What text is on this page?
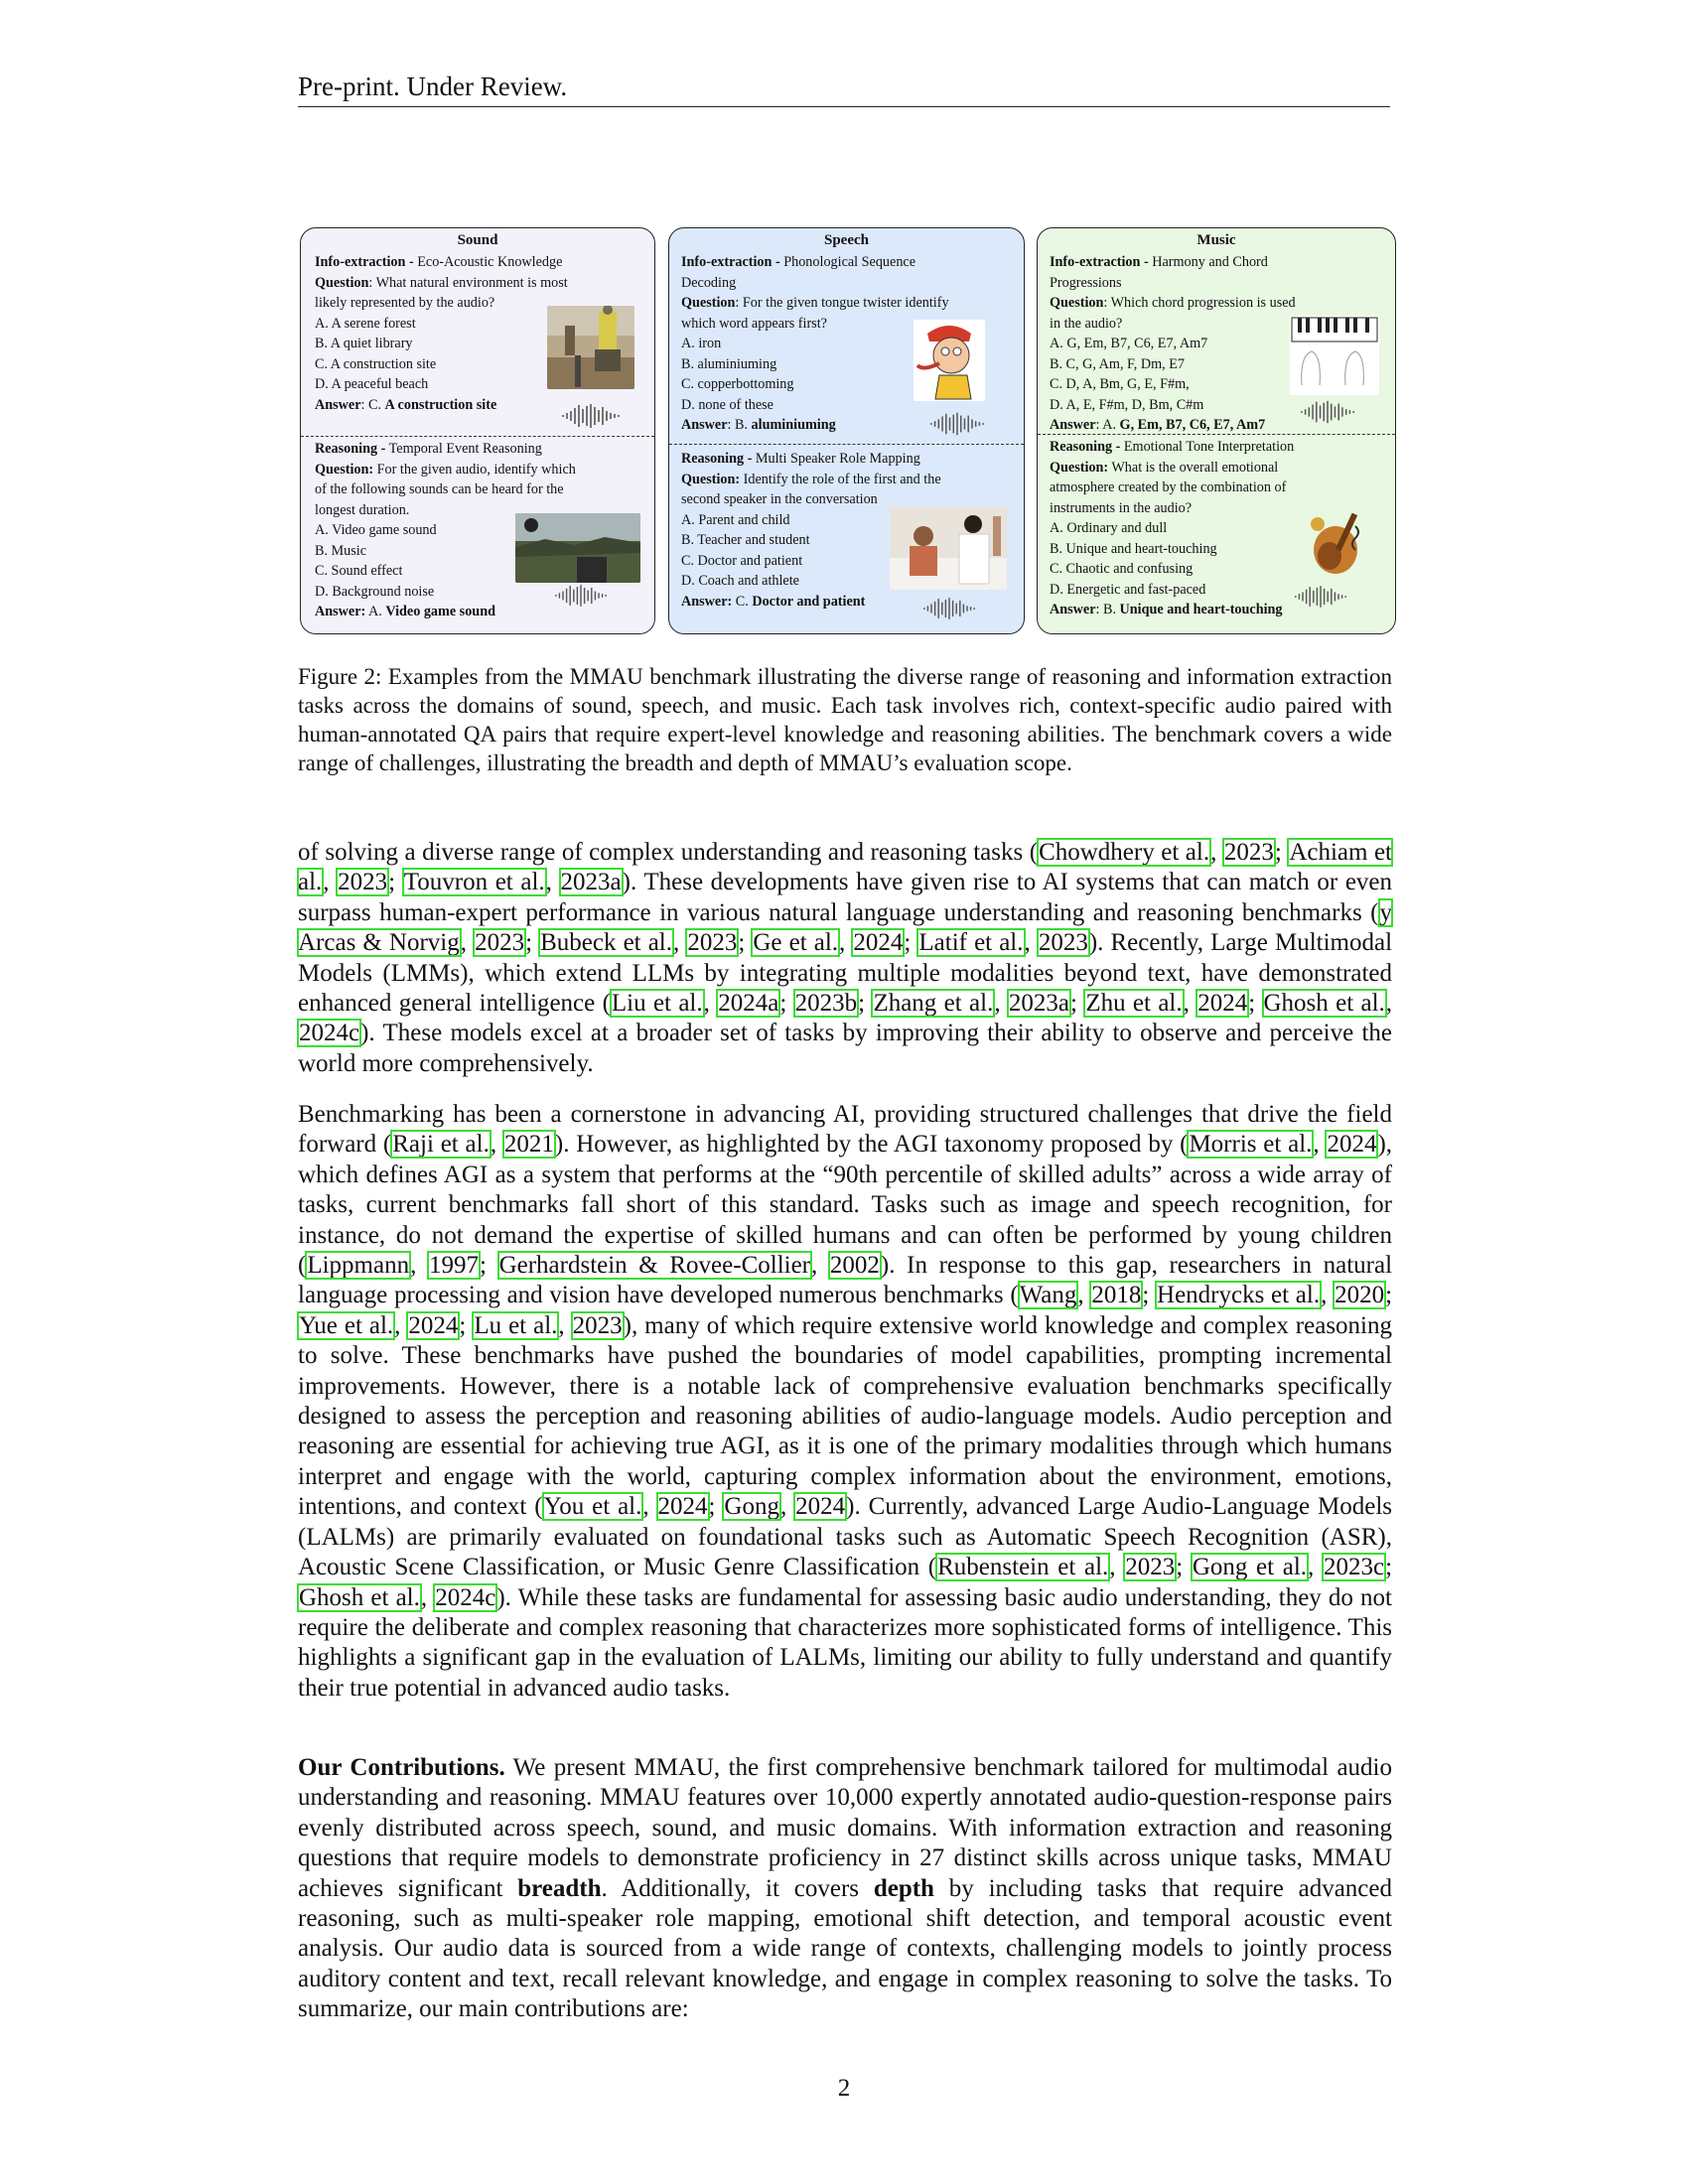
Pre-print. Under Review.
Sound
Info-extraction - Eco-Acoustic Knowledge
Question: What natural environment is most
likely represented by the audio?
A. A serene forest
B. A quiet library
C. A construction site
D. A peaceful beach
Answer: C. A construction site
Reasoning - Temporal Event Reasoning
Question: For the given audio, identify which
of the following sounds can be heard for the
longest duration.
A. Video game sound
B. Music
C. Sound effect
D. Background noise
Answer: A. Video game sound
Speech
Info-extraction - Phonological Sequence
Decoding
Question: For the given tongue twister identify
which word appears first?
A. iron
B. aluminiuming
C. copperbottoming
D. none of these
Answer: B. aluminiuming
Reasoning - Multi Speaker Role Mapping
Question: Identify the role of the first and the
second speaker in the conversation
A. Parent and child
B. Teacher and student
C. Doctor and patient
D. Coach and athlete
Answer: C. Doctor and patient
Music
Info-extraction - Harmony and Chord
Progressions
Question: Which chord progression is used
in the audio?
A. G, Em, B7, C6, E7, Am7
B. C, G, Am, F, Dm, E7
C. D, A, Bm, G, E, F#m,
D. A, E, F#m, D, Bm, C#m
Answer: A. G, Em, B7, C6, E7, Am7
Reasoning - Emotional Tone Interpretation
Question: What is the overall emotional
atmosphere created by the combination of
instruments in the audio?
A. Ordinary and dull
B. Unique and heart-touching
C. Chaotic and confusing
D. Energetic and fast-paced
Answer: B. Unique and heart-touching
Figure 2: Examples from the MMAU benchmark illustrating the diverse range of reasoning and information extraction tasks across the domains of sound, speech, and music. Each task involves rich, context-specific audio paired with human-annotated QA pairs that require expert-level knowledge and reasoning abilities. The benchmark covers a wide range of challenges, illustrating the breadth and depth of MMAU’s evaluation scope.
of solving a diverse range of complex understanding and reasoning tasks (Chowdhery et al., 2023; Achiam et al., 2023; Touvron et al., 2023a). These developments have given rise to AI systems that can match or even surpass human-expert performance in various natural language understanding and reasoning benchmarks (y Arcas & Norvig, 2023; Bubeck et al., 2023; Ge et al., 2024; Latif et al., 2023). Recently, Large Multimodal Models (LMMs), which extend LLMs by integrating multiple modalities beyond text, have demonstrated enhanced general intelligence (Liu et al., 2024a; 2023b; Zhang et al., 2023a; Zhu et al., 2024; Ghosh et al., 2024c). These models excel at a broader set of tasks by improving their ability to observe and perceive the world more comprehensively.
Benchmarking has been a cornerstone in advancing AI, providing structured challenges that drive the field forward (Raji et al., 2021). However, as highlighted by the AGI taxonomy proposed by (Morris et al., 2024), which defines AGI as a system that performs at the “90th percentile of skilled adults” across a wide array of tasks, current benchmarks fall short of this standard. Tasks such as image and speech recognition, for instance, do not demand the expertise of skilled humans and can often be performed by young children (Lippmann, 1997; Gerhardstein & Rovee-Collier, 2002). In response to this gap, researchers in natural language processing and vision have developed numerous benchmarks (Wang, 2018; Hendrycks et al., 2020; Yue et al., 2024; Lu et al., 2023), many of which require extensive world knowledge and complex reasoning to solve. These benchmarks have pushed the boundaries of model capabilities, prompting incremental improvements. However, there is a notable lack of comprehensive evaluation benchmarks specifically designed to assess the perception and reasoning abilities of audio-language models. Audio perception and reasoning are essential for achieving true AGI, as it is one of the primary modalities through which humans interpret and engage with the world, capturing complex information about the environment, emotions, intentions, and context (You et al., 2024; Gong, 2024). Currently, advanced Large Audio-Language Models (LALMs) are primarily evaluated on foundational tasks such as Automatic Speech Recognition (ASR), Acoustic Scene Classification, or Music Genre Classification (Rubenstein et al., 2023; Gong et al., 2023c; Ghosh et al., 2024c). While these tasks are fundamental for assessing basic audio understanding, they do not require the deliberate and complex reasoning that characterizes more sophisticated forms of intelligence. This highlights a significant gap in the evaluation of LALMs, limiting our ability to fully understand and quantify their true potential in advanced audio tasks.
Our Contributions. We present MMAU, the first comprehensive benchmark tailored for multimodal audio understanding and reasoning. MMAU features over 10,000 expertly annotated audio-question-response pairs evenly distributed across speech, sound, and music domains. With information extraction and reasoning questions that require models to demonstrate proficiency in 27 distinct skills across unique tasks, MMAU achieves significant breadth. Additionally, it covers depth by including tasks that require advanced reasoning, such as multi-speaker role mapping, emotional shift detection, and temporal acoustic event analysis. Our audio data is sourced from a wide range of contexts, challenging models to jointly process auditory content and text, recall relevant knowledge, and engage in complex reasoning to solve the tasks. To summarize, our main contributions are:
2
